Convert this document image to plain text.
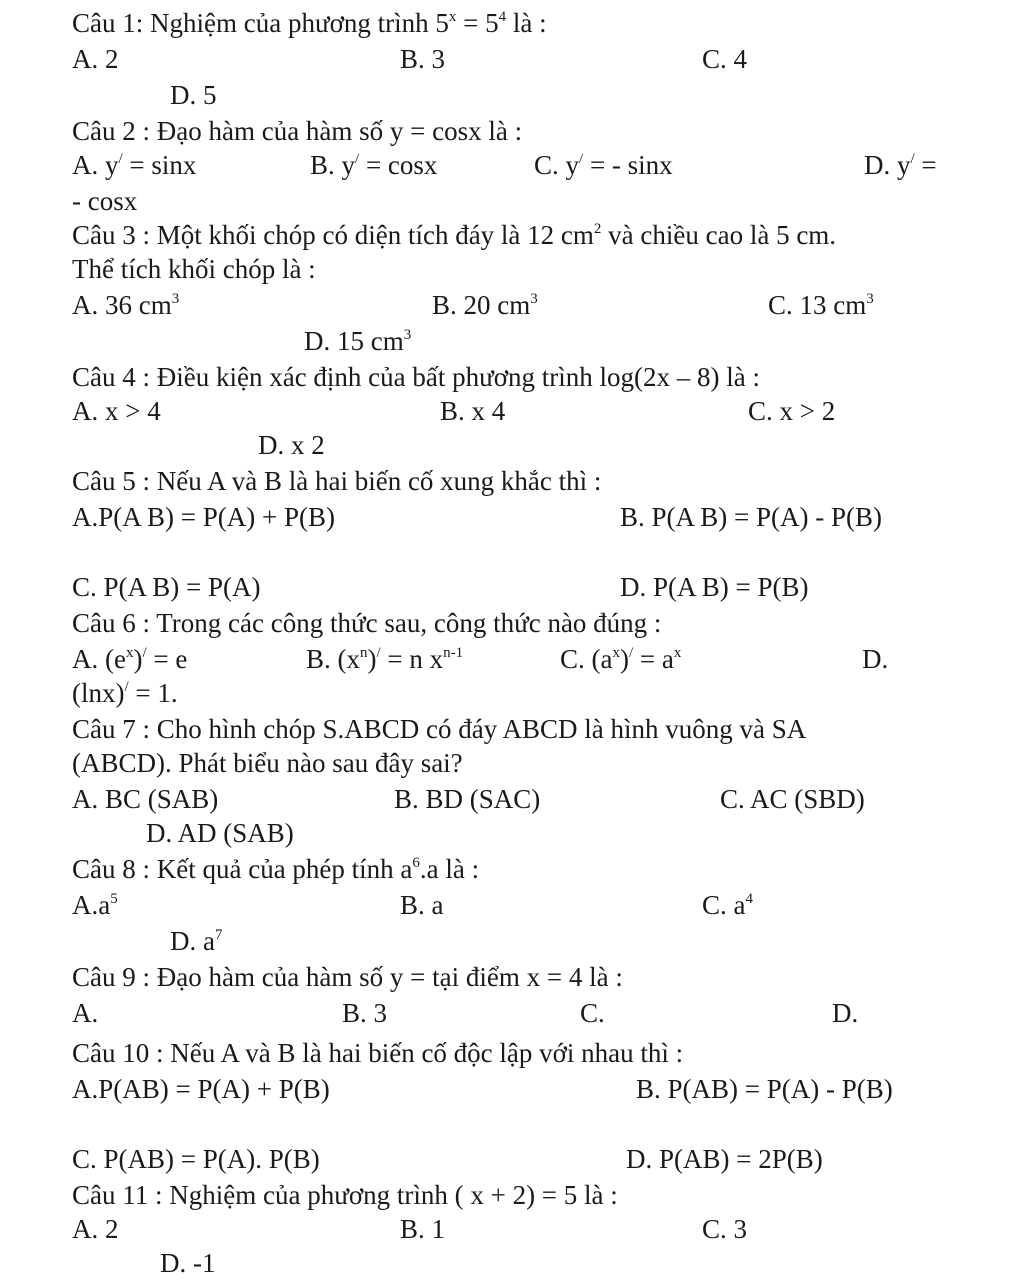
Câu 1: Nghiệm của phương trình $5^x = 5^4$ là :
A. 2	B. 3	C. 4
D. 5
Câu 2 : Đạo hàm của hàm số y = cosx là :
A. y/ = sinx	B. y/ = cosx	C. y/ = - sinx	D. y/ =
- cosx
Câu 3 : Một khối chóp có diện tích đáy là 12 $cm^2$ và chiều cao là 5 cm.
Thể tích khối chóp là :
A. 36 $cm^3$	B. 20 $cm^3$	C. 13 $cm^3$
D. 15 $cm^3$
Câu 4 : Điều kiện xác định của bất phương trình log(2x – 8) là :
A. x > 4	B. x 4	C. x > 2
D. x 2
Câu 5 : Nếu A và B là hai biến cố xung khắc thì :
A.P(A B) = P(A) + P(B)	B. P(A B) = P(A) - P(B)
C. P(A B) = P(A)	D. P(A B) = P(B)
Câu 6 : Trong các công thức sau, công thức nào đúng :
A. $(e^x)^/ = e$	B. $(x^n)^/ = n$ $x^{n-1}$	C. $(a^x)^/ = a^x$	D.
(lnx)/ = 1.
Câu 7 : Cho hình chóp S.ABCD có đáy ABCD là hình vuông và SA
(ABCD). Phát biểu nào sau đây sai?
A. BC (SAB)	B. BD (SAC)	C. AC (SBD)
D. AD (SAB)
Câu 8 : Kết quả của phép tính $a^6.a$ là :
$A.a^5$	B. a	C. $a^4$
D. $a^7$
Câu 9 : Đạo hàm của hàm số y = tại điểm x = 4 là :
A.	B. 3	C.	D.
Câu 10 : Nếu A và B là hai biến cố độc lập với nhau thì :
A.P(AB) = P(A) + P(B)	B. P(AB) = P(A) - P(B)
C. P(AB) = P(A). P(B)	D. P(AB) = 2P(B)
Câu 11 : Nghiệm của phương trình ( x + 2) = 5 là :
A. 2	B. 1	C. 3
D. -1
